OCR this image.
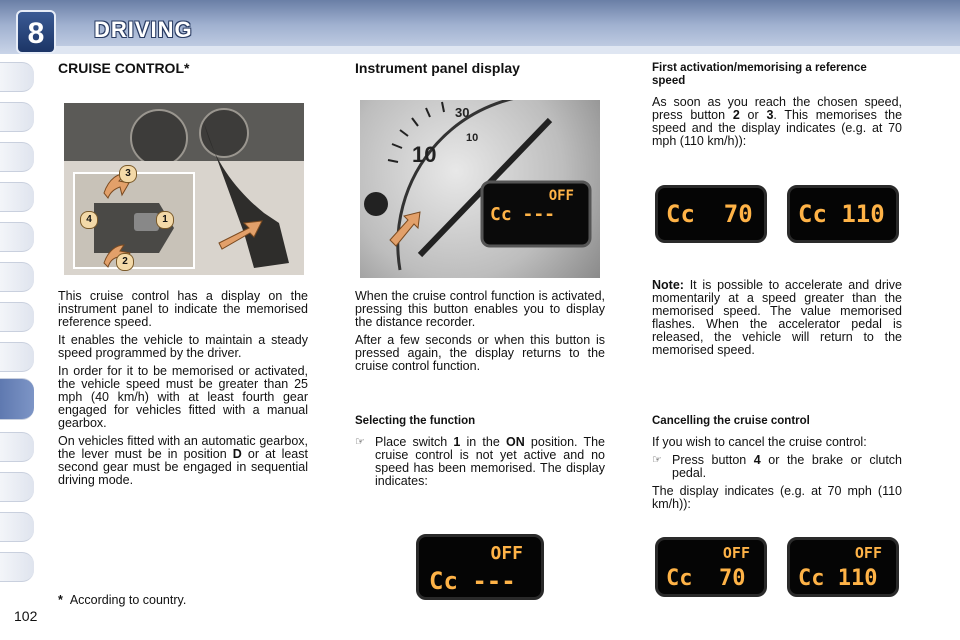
8	DRIVING
CRUISE CONTROL*
3
4	1
2

This cruise control has a display on the instrument panel to indicate the memorised reference speed.

It enables the vehicle to maintain a steady speed programmed by the driver.

In order for it to be memorised or activated, the vehicle speed must be greater than 25 mph (40 km/h) with at least fourth gear engaged for vehicles fitted with a manual gearbox.

On vehicles fitted with an automatic gearbox, the lever must be in position D or at least second gear must be engaged in sequential driving mode.

Instrument panel display
30
10
10
OFF
Cc ---

When the cruise control function is activated, pressing this button enables you to display the distance recorder.

After a few seconds or when this button is pressed again, the display returns to the cruise control function.

Selecting the function
☞ Place switch 1 in the ON position. The cruise control is not yet active and no speed has been memorised. The display indicates:
OFF
Cc ---
First activation/memorising a reference speed

As soon as you reach the chosen speed, press button 2 or 3. This memorises the speed and the display indicates (e.g. at 70 mph (110 km/h)):

Cc  70 Cc 110

Note: It is possible to accelerate and drive momentarily at a speed greater than the memorised speed. The value memorised flashes. When the accelerator pedal is released, the vehicle will return to the memorised speed.

Cancelling the cruise control

If you wish to cancel the cruise control:

☞ Press button 4 or the brake or clutch pedal.

The display indicates (e.g. at 70 mph (110 km/h)):

OFF
Cc  70
OFF
Cc 110
* According to country.
102
